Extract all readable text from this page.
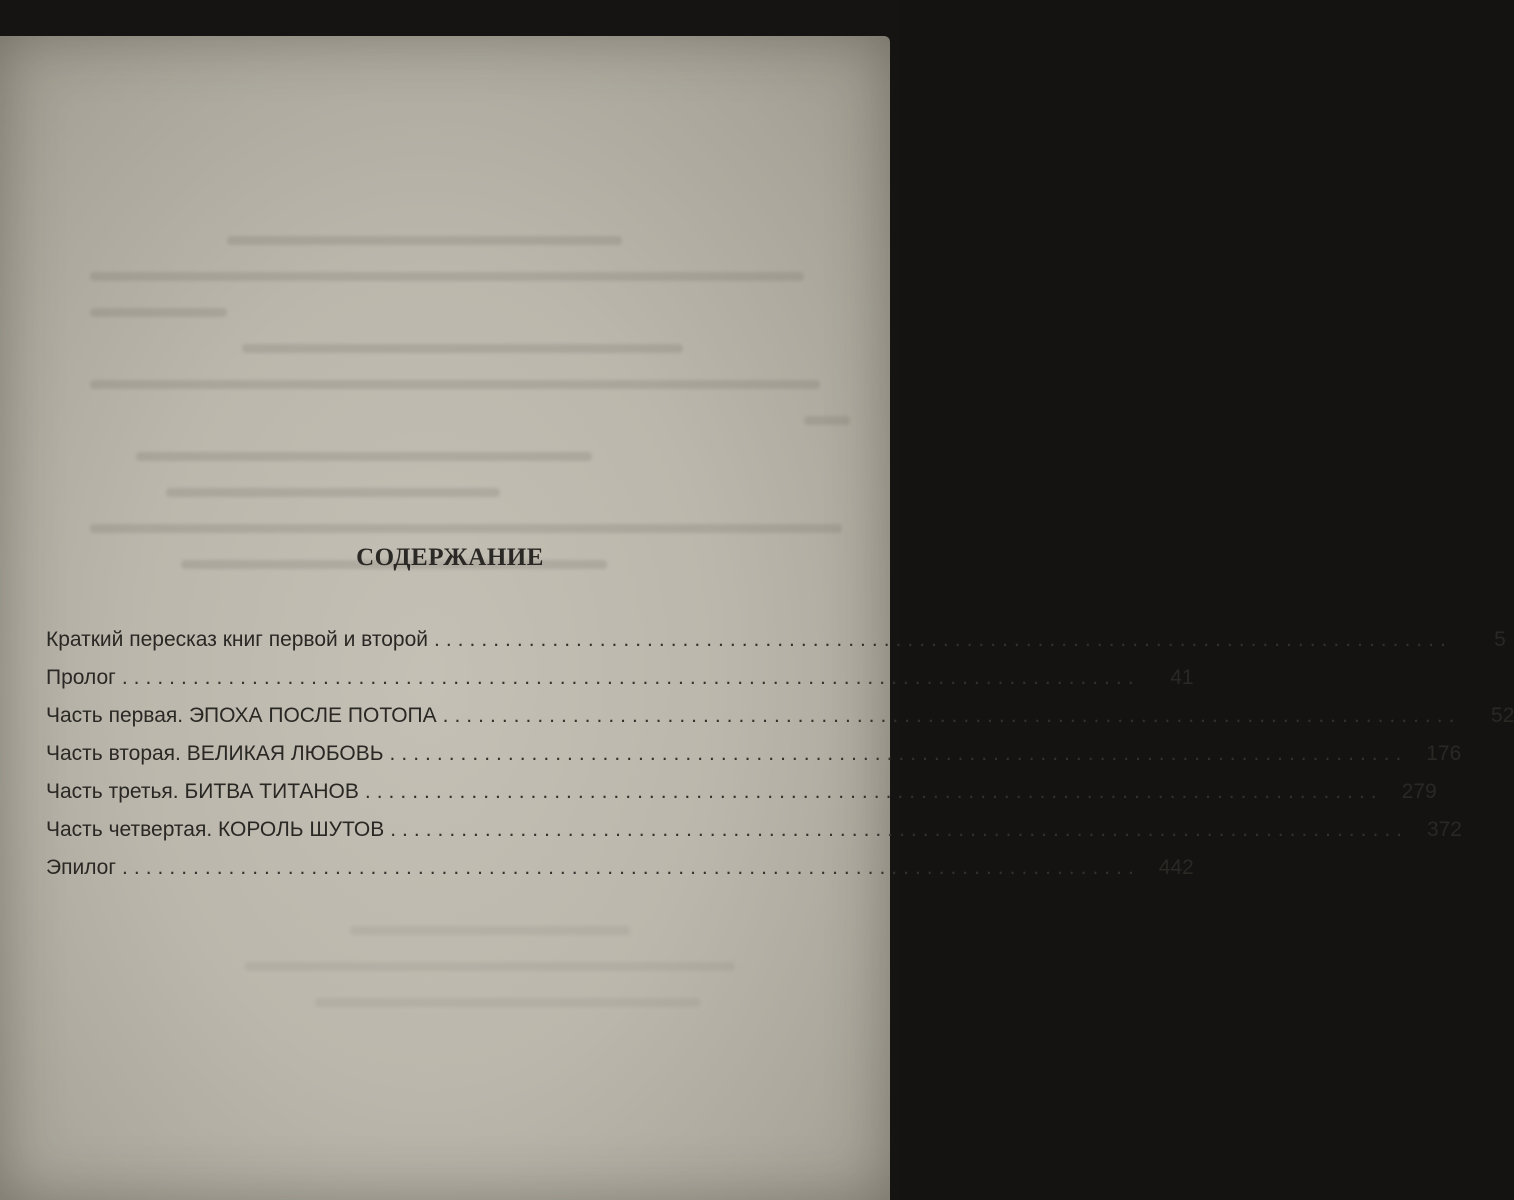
СОДЕРЖАНИЕ
Краткий пересказ книг первой и второй ......................................................................................	5
Пролог ......................................................................................	41
Часть первая. ЭПОХА ПОСЛЕ ПОТОПА ......................................................................................	52
Часть вторая. ВЕЛИКАЯ ЛЮБОВЬ ...................................................................................... 176
Часть третья. БИТВА ТИТАНОВ ...................................................................................... 279
Часть четвертая. КОРОЛЬ ШУТОВ ...................................................................................... 372
Эпилог ...................................................................................... 442
